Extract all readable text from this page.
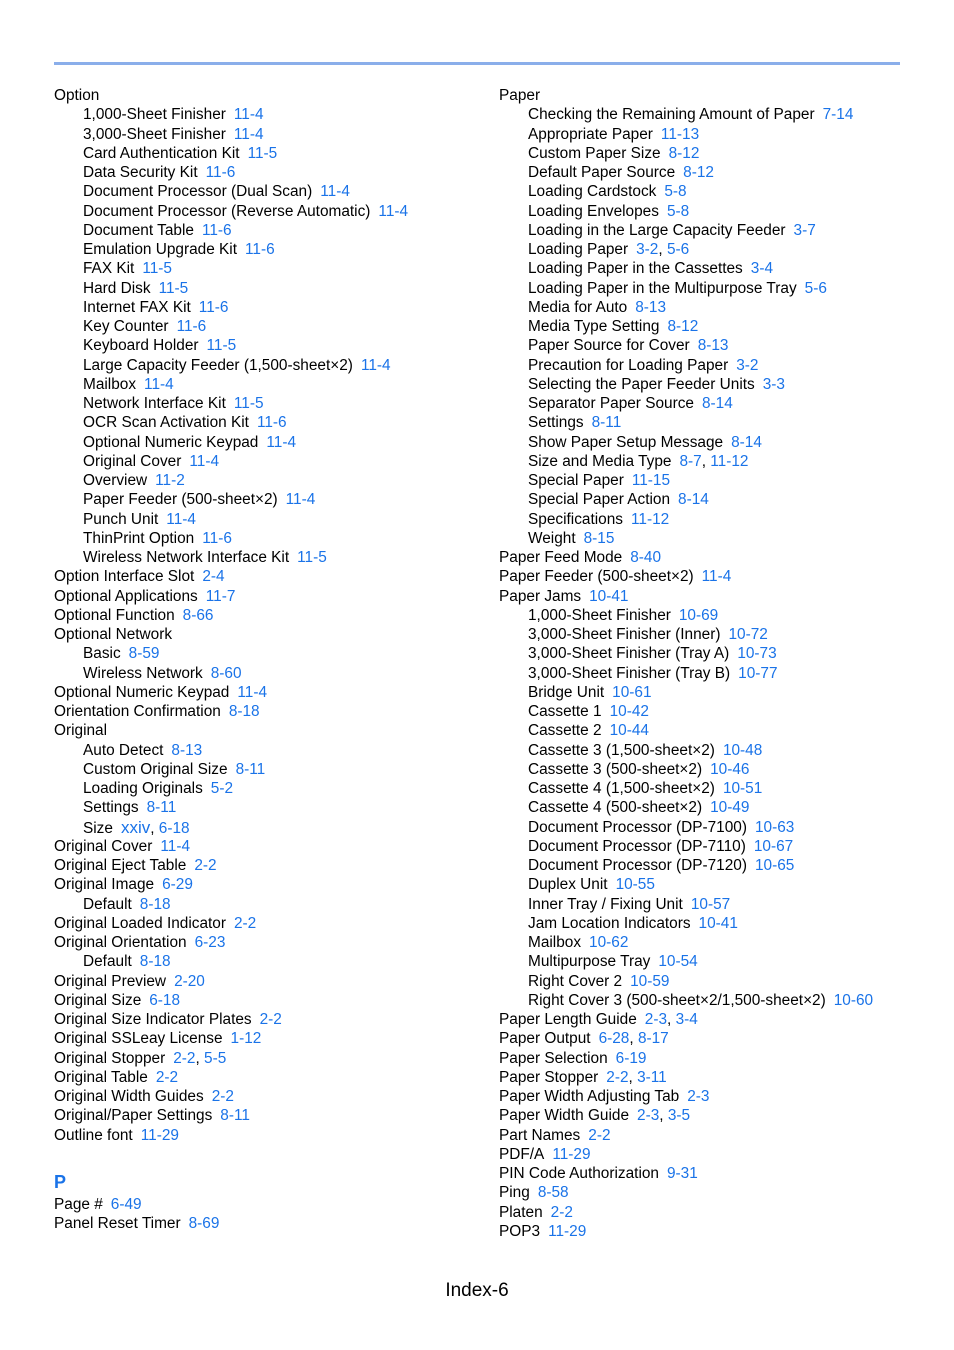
Option
1,000-Sheet Finisher 11-4
3,000-Sheet Finisher 11-4
Card Authentication Kit 11-5
Data Security Kit 11-6
Document Processor (Dual Scan) 11-4
Document Processor (Reverse Automatic) 11-4
Document Table 11-6
Emulation Upgrade Kit 11-6
FAX Kit 11-5
Hard Disk 11-5
Internet FAX Kit 11-6
Key Counter 11-6
Keyboard Holder 11-5
Large Capacity Feeder (1,500-sheet×2) 11-4
Mailbox 11-4
Network Interface Kit 11-5
OCR Scan Activation Kit 11-6
Optional Numeric Keypad 11-4
Original Cover 11-4
Overview 11-2
Paper Feeder (500-sheet×2) 11-4
Punch Unit 11-4
ThinPrint Option 11-6
Wireless Network Interface Kit 11-5
Option Interface Slot 2-4
Optional Applications 11-7
Optional Function 8-66
Optional Network
Basic 8-59
Wireless Network 8-60
Optional Numeric Keypad 11-4
Orientation Confirmation 8-18
Original
Auto Detect 8-13
Custom Original Size 8-11
Loading Originals 5-2
Settings 8-11
Size xxiv, 6-18
Original Cover 11-4
Original Eject Table 2-2
Original Image 6-29
Default 8-18
Original Loaded Indicator 2-2
Original Orientation 6-23
Default 8-18
Original Preview 2-20
Original Size 6-18
Original Size Indicator Plates 2-2
Original SSLeay License 1-12
Original Stopper 2-2, 5-5
Original Table 2-2
Original Width Guides 2-2
Original/Paper Settings 8-11
Outline font 11-29
P
Page # 6-49
Panel Reset Timer 8-69
Paper
Checking the Remaining Amount of Paper 7-14
Appropriate Paper 11-13
Custom Paper Size 8-12
Default Paper Source 8-12
Loading Cardstock 5-8
Loading Envelopes 5-8
Loading in the Large Capacity Feeder 3-7
Loading Paper 3-2, 5-6
Loading Paper in the Cassettes 3-4
Loading Paper in the Multipurpose Tray 5-6
Media for Auto 8-13
Media Type Setting 8-12
Paper Source for Cover 8-13
Precaution for Loading Paper 3-2
Selecting the Paper Feeder Units 3-3
Separator Paper Source 8-14
Settings 8-11
Show Paper Setup Message 8-14
Size and Media Type 8-7, 11-12
Special Paper 11-15
Special Paper Action 8-14
Specifications 11-12
Weight 8-15
Paper Feed Mode 8-40
Paper Feeder (500-sheet×2) 11-4
Paper Jams 10-41
1,000-Sheet Finisher 10-69
3,000-Sheet Finisher (Inner) 10-72
3,000-Sheet Finisher (Tray A) 10-73
3,000-Sheet Finisher (Tray B) 10-77
Bridge Unit 10-61
Cassette 1 10-42
Cassette 2 10-44
Cassette 3 (1,500-sheet×2) 10-48
Cassette 3 (500-sheet×2) 10-46
Cassette 4 (1,500-sheet×2) 10-51
Cassette 4 (500-sheet×2) 10-49
Document Processor (DP-7100) 10-63
Document Processor (DP-7110) 10-67
Document Processor (DP-7120) 10-65
Duplex Unit 10-55
Inner Tray / Fixing Unit 10-57
Jam Location Indicators 10-41
Mailbox 10-62
Multipurpose Tray 10-54
Right Cover 2 10-59
Right Cover 3 (500-sheet×2/1,500-sheet×2) 10-60
Paper Length Guide 2-3, 3-4
Paper Output 6-28, 8-17
Paper Selection 6-19
Paper Stopper 2-2, 3-11
Paper Width Adjusting Tab 2-3
Paper Width Guide 2-3, 3-5
Part Names 2-2
PDF/A 11-29
PIN Code Authorization 9-31
Ping 8-58
Platen 2-2
POP3 11-29
Index-6
